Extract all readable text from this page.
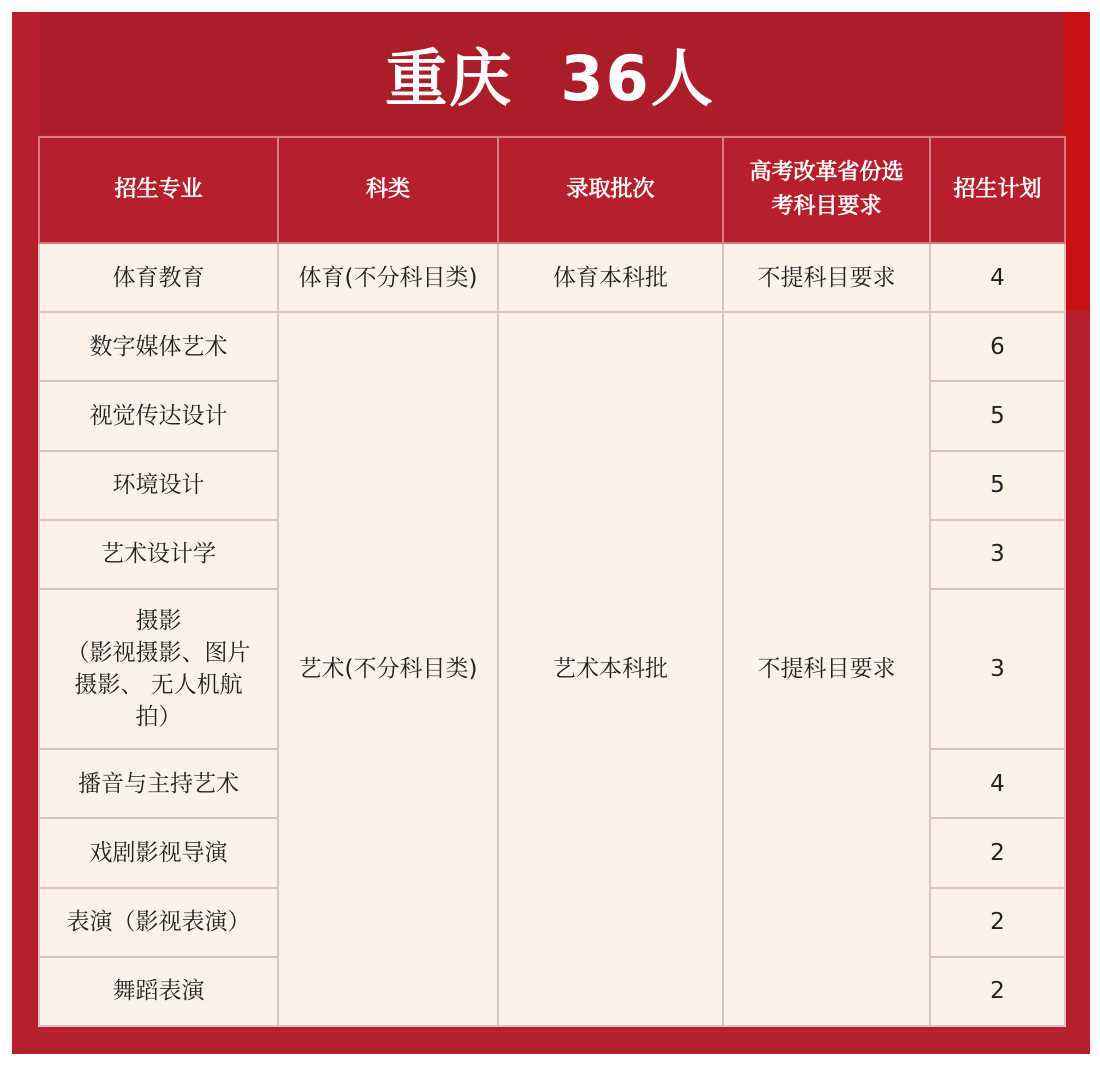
重庆  36人
招生专业	科类	录取批次	高考改革省份选
考科目要求	招生计划
体育教育	体育(不分科目类)	体育本科批	不提科目要求	4
数字媒体艺术	艺术(不分科目类)	艺术本科批	不提科目要求	6
视觉传达设计				5
环境设计				5
艺术设计学				3
摄影
（影视摄影、图片
摄影、 无人机航
拍）				3
播音与主持艺术				4
戏剧影视导演				2
表演（影视表演）				2
舞蹈表演				2
